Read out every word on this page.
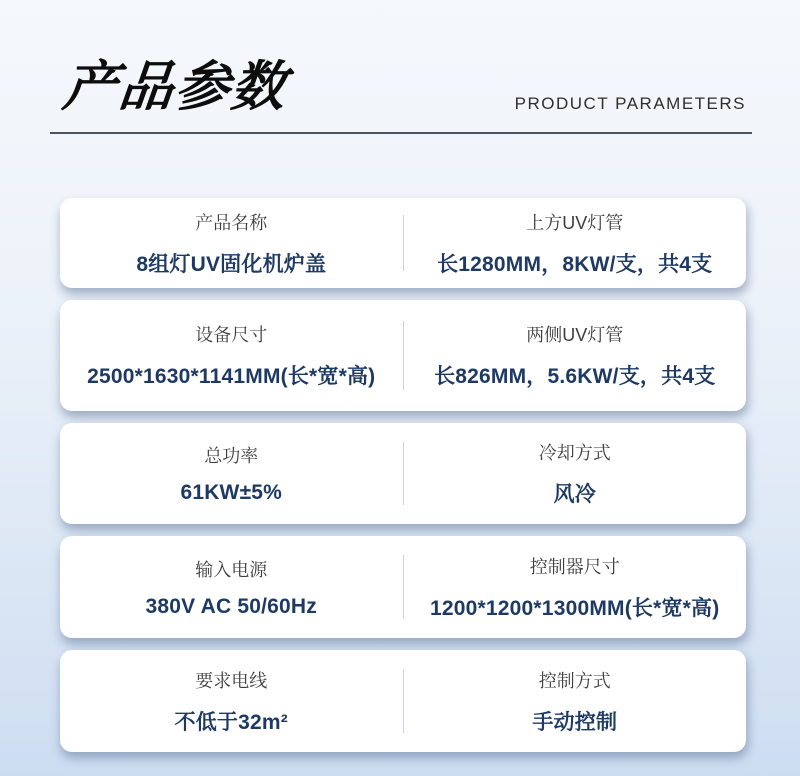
产品参数	PRODUCT PARAMETERS
产品名称
8组灯UV固化机炉盖
上方UV灯管
长1280MM，8KW/支，共4支
设备尺寸
2500*1630*1141MM(长*宽*高)
两侧UV灯管
长826MM，5.6KW/支，共4支
总功率
61KW±5%
冷却方式
风冷
输入电源
380V AC 50/60Hz
控制器尺寸
1200*1200*1300MM(长*宽*高)
要求电线
不低于32m²
控制方式
手动控制
